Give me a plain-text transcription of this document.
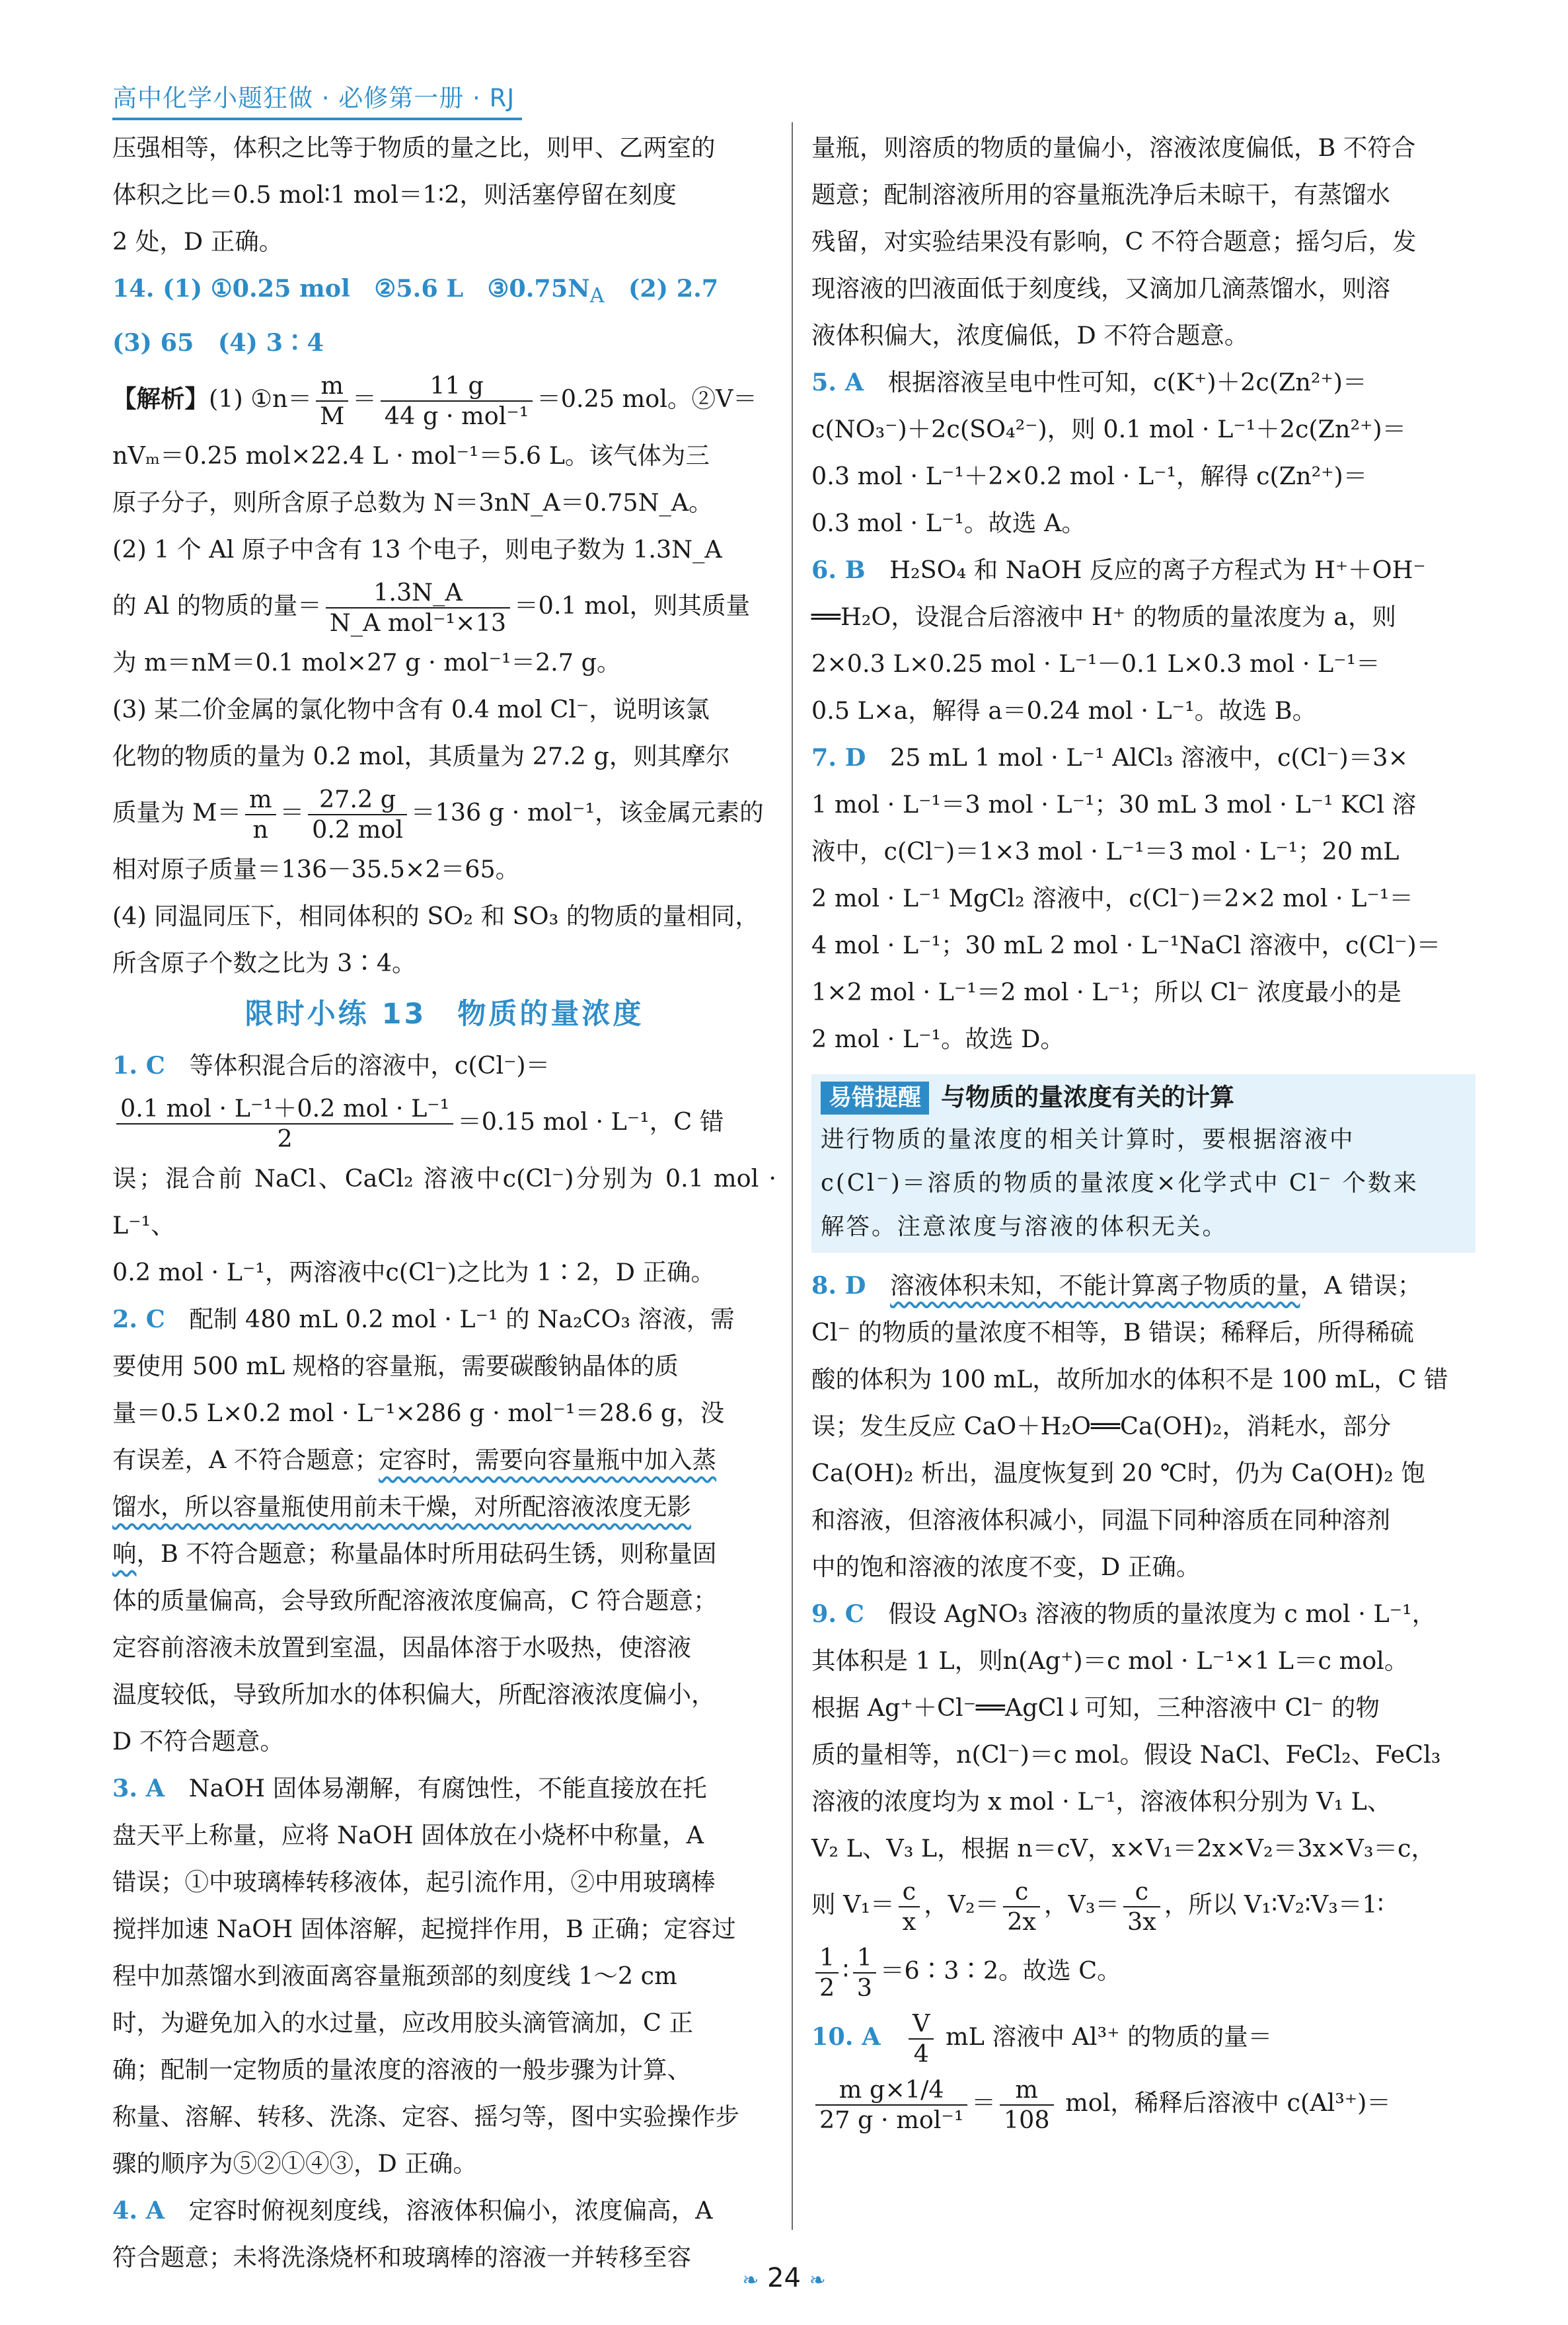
高中化学小题狂做 · 必修第一册 · RJ

压强相等，体积之比等于物质的量之比，则甲、乙两室的

体积之比＝0.5 mol∶1 mol＝1∶2，则活塞停留在刻度

2 处，D 正确。

14. (1) ①0.25 mol　②5.6 L　$③0.75N_A$　(2) 2.7

(3) 65　(4) 3∶4

【解析】(1) ①n＝ $\frac{m}{M} = \frac{11 g}{\text{44 g · mol⁻¹}} =0.25$ mol。②V＝

nVₘ＝0.25 mol×22.4 L · mol⁻¹＝5.6 L。该气体为三

原子分子，则所含原子总数为 N＝3nN_A＝0.75N_A。

(2) 1 个 Al 原子中含有 13 个电子，则电子数为 1.3N_A

的 Al 的物质的量＝ $\frac{1.3N\_A}{\text{N\_A mol⁻¹×13}} =0.1$ mol，则其质量

为 m＝nM＝0.1 mol×27 g · mol⁻¹＝2.7 g。

(3) 某二价金属的氯化物中含有 0.4 mol Cl⁻，说明该氯

化物的物质的量为 0.2 mol，其质量为 27.2 g，则其摩尔

质量为 $M= \frac{m}{n} = \frac{27.2 g}{\text{0.2 mol}} =136$ g · mol⁻¹，该金属元素的

相对原子质量＝136－35.5×2＝65。

(4) 同温同压下，相同体积的 SO₂ 和 SO₃ 的物质的量相同，

所含原子个数之比为 3∶4。

限时小练 13　物质的量浓度

1. C　等体积混合后的溶液中，c(Cl⁻)＝

$\frac{\text{0.1 mol · L⁻¹＋0.2 mol · L⁻¹}}{2} =0.15$ mol · L⁻¹，C 错

误；混合前 NaCl、CaCl₂ 溶液中c(Cl⁻)分别为 0.1 mol · L⁻¹、

0.2 mol · L⁻¹，两溶液中c(Cl⁻)之比为 1∶2，D 正确。

2. C　配制 480 mL 0.2 mol · L⁻¹ 的 Na₂CO₃ 溶液，需

要使用 500 mL 规格的容量瓶，需要碳酸钠晶体的质

量＝0.5 L×0.2 mol · L⁻¹×286 g · mol⁻¹＝28.6 g，没

有误差，A 不符合题意；定容时，需要向容量瓶中加入蒸

馏水，所以容量瓶使用前未干燥，对所配溶液浓度无影

响，B 不符合题意；称量晶体时所用砝码生锈，则称量固

体的质量偏高，会导致所配溶液浓度偏高，C 符合题意；

定容前溶液未放置到室温，因晶体溶于水吸热，使溶液

温度较低，导致所加水的体积偏大，所配溶液浓度偏小，

D 不符合题意。

3. A　NaOH 固体易潮解，有腐蚀性，不能直接放在托

盘天平上称量，应将 NaOH 固体放在小烧杯中称量，A

错误；①中玻璃棒转移液体，起引流作用，②中用玻璃棒

搅拌加速 NaOH 固体溶解，起搅拌作用，B 正确；定容过

程中加蒸馏水到液面离容量瓶颈部的刻度线 1～2 cm

时，为避免加入的水过量，应改用胶头滴管滴加，C 正

确；配制一定物质的量浓度的溶液的一般步骤为计算、

称量、溶解、转移、洗涤、定容、摇匀等，图中实验操作步

骤的顺序为⑤②①④③，D 正确。

4. A　定容时俯视刻度线，溶液体积偏小，浓度偏高，A

符合题意；未将洗涤烧杯和玻璃棒的溶液一并转移至容

量瓶，则溶质的物质的量偏小，溶液浓度偏低，B 不符合

题意；配制溶液所用的容量瓶洗净后未晾干，有蒸馏水

残留，对实验结果没有影响，C 不符合题意；摇匀后，发

现溶液的凹液面低于刻度线，又滴加几滴蒸馏水，则溶

液体积偏大，浓度偏低，D 不符合题意。

5. A　根据溶液呈电中性可知，c(K⁺)＋2c(Zn²⁺)＝

c(NO₃⁻)＋2c(SO₄²⁻)，则 0.1 mol · L⁻¹＋2c(Zn²⁺)＝

0.3 mol · L⁻¹＋2×0.2 mol · L⁻¹，解得 c(Zn²⁺)＝

0.3 mol · L⁻¹。故选 A。

6. B　H₂SO₄ 和 NaOH 反应的离子方程式为 H⁺＋OH⁻

══H₂O，设混合后溶液中 H⁺ 的物质的量浓度为 a，则

2×0.3 L×0.25 mol · L⁻¹－0.1 L×0.3 mol · L⁻¹＝

0.5 L×a，解得 a＝0.24 mol · L⁻¹。故选 B。

7. D　25 mL 1 mol · L⁻¹ AlCl₃ 溶液中，c(Cl⁻)＝3×

1 mol · L⁻¹＝3 mol · L⁻¹；30 mL 3 mol · L⁻¹ KCl 溶

液中，c(Cl⁻)＝1×3 mol · L⁻¹＝3 mol · L⁻¹；20 mL

2 mol · L⁻¹ MgCl₂ 溶液中，c(Cl⁻)＝2×2 mol · L⁻¹＝

4 mol · L⁻¹；30 mL 2 mol · L⁻¹NaCl 溶液中，c(Cl⁻)＝

1×2 mol · L⁻¹＝2 mol · L⁻¹；所以 Cl⁻ 浓度最小的是

2 mol · L⁻¹。故选 D。

易错提醒 与物质的量浓度有关的计算

进行物质的量浓度的相关计算时，要根据溶液中

c(Cl⁻)＝溶质的物质的量浓度×化学式中 Cl⁻ 个数来

解答。注意浓度与溶液的体积无关。

8. D　 溶液体积未知，不能计算离子物质的量，A 错误；

Cl⁻ 的物质的量浓度不相等，B 错误；稀释后，所得稀硫

酸的体积为 100 mL，故所加水的体积不是 100 mL，C 错

误；发生反应 CaO＋H₂O══Ca(OH)₂，消耗水，部分

Ca(OH)₂ 析出，温度恢复到 20 ℃时，仍为 Ca(OH)₂ 饱

和溶液，但溶液体积减小，同温下同种溶质在同种溶剂

中的饱和溶液的浓度不变，D 正确。

9. C　假设 AgNO₃ 溶液的物质的量浓度为 c mol · L⁻¹，

其体积是 1 L，则n(Ag⁺)＝c mol · L⁻¹×1 L＝c mol。

根据 Ag⁺＋Cl⁻══AgCl↓可知，三种溶液中 Cl⁻ 的物

质的量相等，n(Cl⁻)＝c mol。假设 NaCl、FeCl₂、FeCl₃

溶液的浓度均为 x mol · L⁻¹，溶液体积分别为 V₁ L、

V₂ L、V₃ L，根据 n＝cV，x×V₁＝2x×V₂＝3x×V₃＝c，

则 $V_1= \frac{c}{x}$ ，$V_2= \frac{c}{2x}$ ，$V_3= \frac{c}{3x}$ ，所以 V₁∶V₂∶V₃＝1∶

$\frac{1}{2}$ ∶ $\frac{1}{3}$ ＝6∶3∶2。故选 C。

10. A　 $\frac{V}{4}$ mL 溶液中 Al³⁺ 的物质的量＝

$\frac{\text{m g×1/4}}{\text{27 g · mol⁻¹}} = \frac{m}{108}$ mol，稀释后溶液中 c(Al³⁺)＝

❧ 24 ❧
